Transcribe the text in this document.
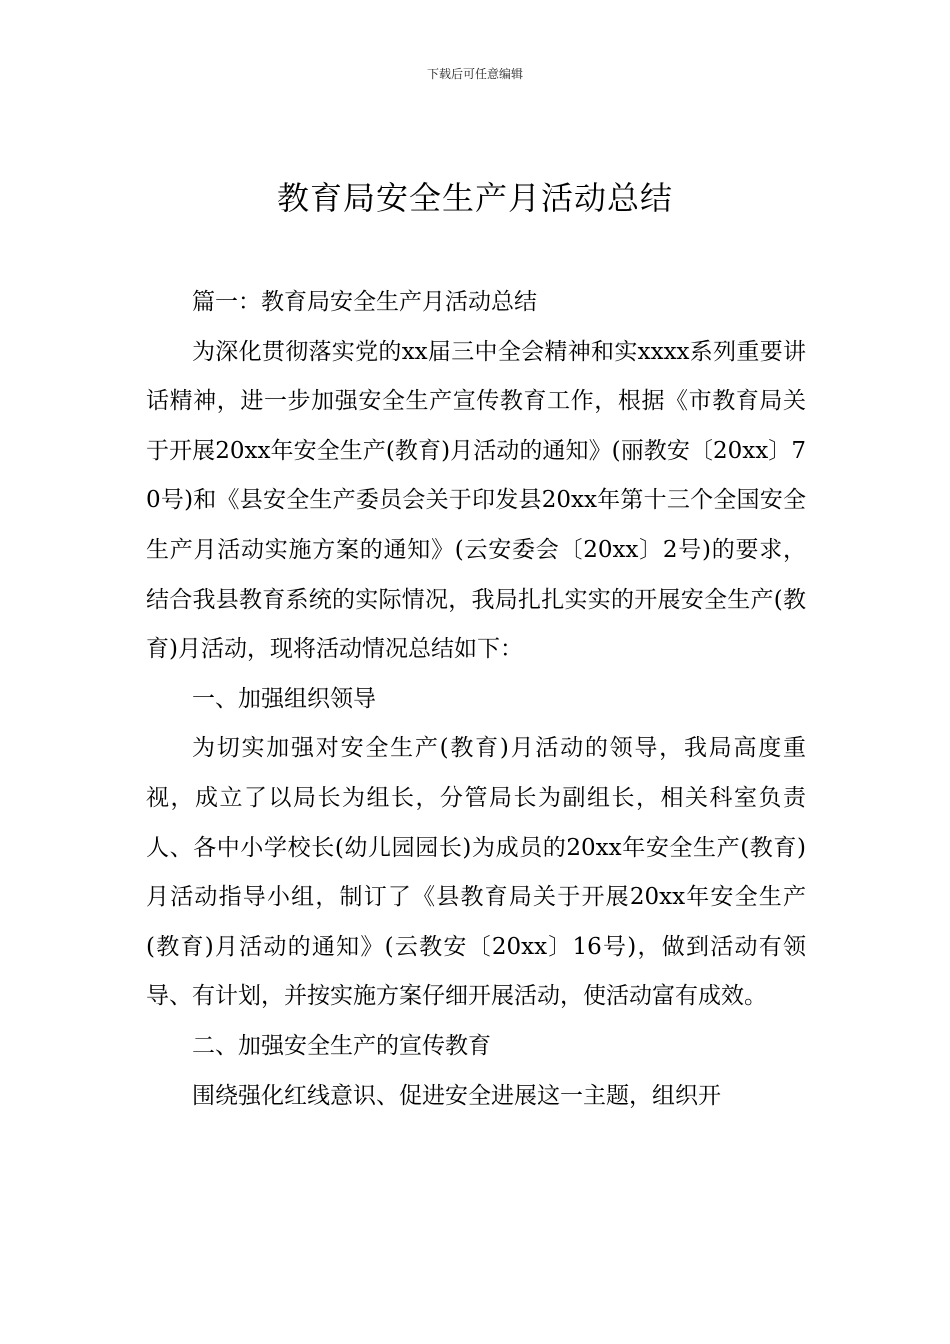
下载后可任意编辑
教育局安全生产月活动总结

篇一：教育局安全生产月活动总结

为深化贯彻落实党的xx届三中全会精神和实xxxx系列重要讲话精神，进一步加强安全生产宣传教育工作，根据《市教育局关于开展20xx年安全生产(教育)月活动的通知》(丽教安〔20xx〕70号)和《县安全生产委员会关于印发县20xx年第十三个全国安全生产月活动实施方案的通知》(云安委会〔20xx〕2号)的要求，结合我县教育系统的实际情况，我局扎扎实实的开展安全生产(教育)月活动，现将活动情况总结如下：

一、加强组织领导

为切实加强对安全生产(教育)月活动的领导，我局高度重视，成立了以局长为组长，分管局长为副组长，相关科室负责人、各中小学校长(幼儿园园长)为成员的20xx年安全生产(教育)月活动指导小组，制订了《县教育局关于开展20xx年安全生产(教育)月活动的通知》(云教安〔20xx〕16号)，做到活动有领导、有计划，并按实施方案仔细开展活动，使活动富有成效。

二、加强安全生产的宣传教育

围绕强化红线意识、促进安全进展这一主题，组织开
